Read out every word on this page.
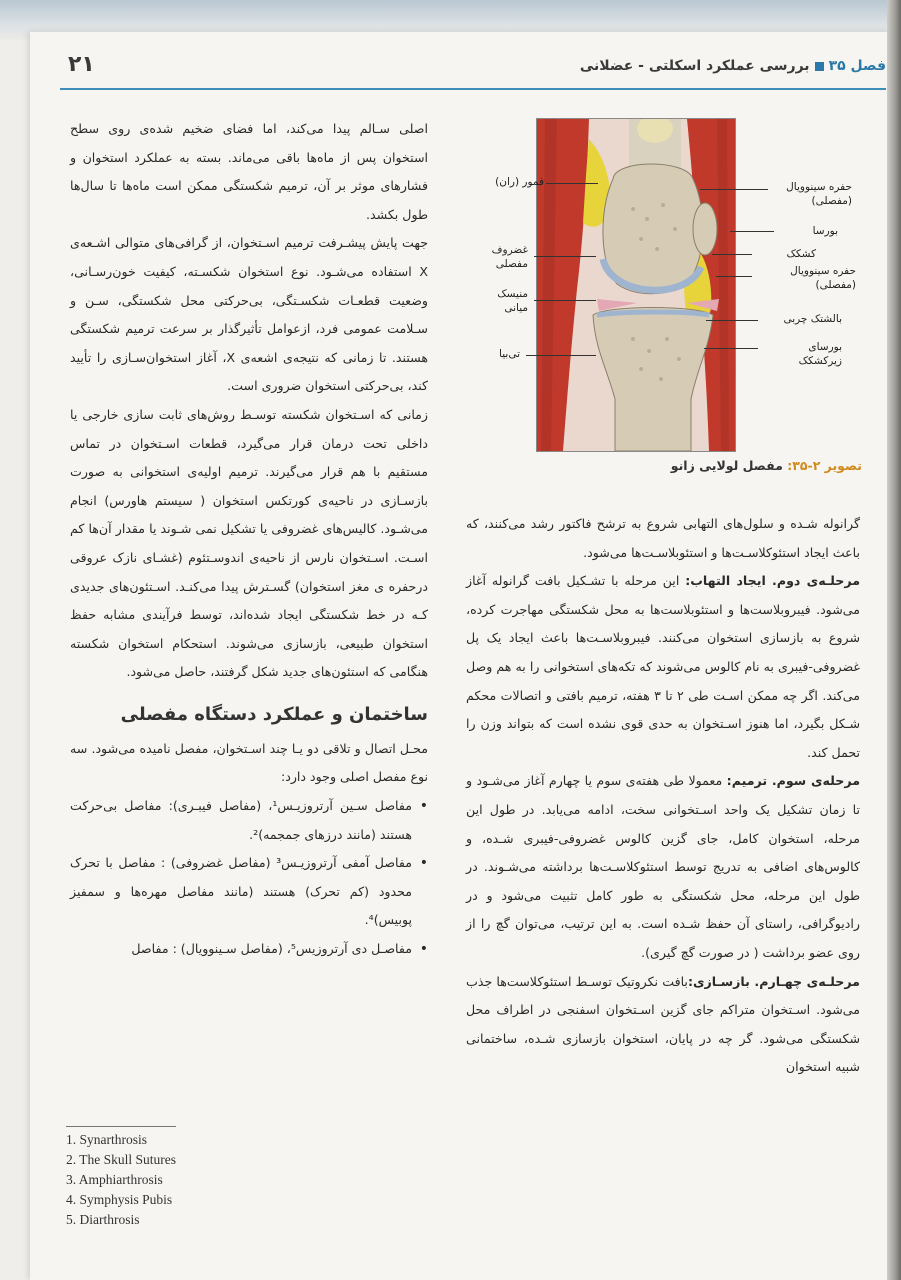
۲۱	فصل ۳۵بررسی عملکرد اسکلتی - عضلانی

اصلی سـالم پیدا می‌کند، اما فضای ضخیم شده‌ی روی سطح استخوان پس از ماه‌ها باقی می‌ماند. بسته به عملکرد استخوان و فشارهای موثر بر آن، ترمیم شکستگی ممکن است ماه‌ها تا سال‌ها طول بکشد.

جهت پایش پیشـرفت ترمیم اسـتخوان، از گرافی‌های متوالی اشـعه‌ی X استفاده می‌شـود. نوع استخوان شکسـته، کیفیت خون‌رسـانی، وضعیت قطعـات شکسـتگی، بی‌حرکتی محل شکستگی، سـن و سـلامت عمومی فرد، ازعوامل تأثیرگذار بر سرعت ترمیم شکستگی هستند. تا زمانی که نتیجه‌ی اشعه‌ی X، آغاز استخوان‌سـازی را تأیید کند، بی‌حرکتی استخوان ضروری است.

زمانی که اسـتخوان شکسته توسـط روش‌های ثابت سازی خارجی یا داخلی تحت درمان قرار می‌گیرد، قطعات اسـتخوان در تماس مستقیم با هم قرار می‌گیرند. ترمیم اولیه‌ی استخوانی به صورت بازسـازی در ناحیه‌ی کورتکس استخوان ( سیستم هاورس) انجام می‌شـود. کالیس‌های غضروفی یا تشکیل نمی شـوند یا مقدار آن‌ها کم اسـت. اسـتخوان نارس از ناحیه‌ی اندوسـتئوم (غشـای نازک عروقی درحفره ی مغز استخوان) گسـترش پیدا می‌کنـد. اسـتئون‌های جدیدی کـه در خط شکستگی ایجاد شده‌اند، توسط فرآیندی مشابه حفظ استخوان طبیعی، بازسازی می‌شوند. استحکام استخوان شکسته هنگامی که استئون‌های جدید شکل گرفتند، حاصل می‌شود.

ساختمان و عملکرد دستگاه مفصلی

محـل اتصال و تلاقی دو یـا چند اسـتخوان، مفصل نامیده می‌شود. سه نوع مفصل اصلی وجود دارد:

• مفاصل سـین آرتروزیـس¹، (مفاصل فیبـری): مفاصل بی‌حرکت هستند (مانند درزهای جمجمه)².
• مفاصل آمفی آرتروزیـس³ (مفاصل غضروفی) : مفاصل با تحرک محدود (کم تحرک) هستند (مانند مفاصل مهره‌ها و سمفیز پوبیس)⁴.
• مفاصـل دی آرتروزیس⁵، (مفاصل سـینوویال) : مفاصل
1. Synarthrosis
2. The Skull Sutures
3. Amphiarthrosis
4. Symphysis Pubis
5. Diarthrosis
حفره سینوویال
(مفصلی)
بورسا
کشکک
حفره سینوویال
(مفصلی)
بالشتک چربی
بورسای
زیرکشکک
فمور (ران)
غضروف
مفصلی
منیسک
میانی
تی‌بیا
تصویر ۲-۳۵: مفصل لولایی زانو

گرانوله شـده و سلول‌های التهابی شروع به ترشح فاکتور رشد می‌کنند، که باعث ایجاد استئوکلاسـت‌ها و استئوبلاسـت‌ها می‌شود.

مرحلـه‌ی دوم. ایجاد التهاب: این مرحله با تشـکیل بافت گرانوله آغاز می‌شود. فیبروبلاست‌ها و استئوبلاست‌ها به محل شکستگی مهاجرت کرده، شروع به بازسازی استخوان می‌کنند. فیبروبلاسـت‌ها باعث ایجاد یک پل غضروفی-فیبری به نام کالوس می‌شوند که تکه‌های استخوانی را به هم وصل می‌کند. اگر چه ممکن اسـت طی ۲ تا ۳ هفته، ترمیم بافتی و اتصالات محکم شـکل بگیرد، اما هنوز اسـتخوان به حدی قوی نشده است که بتواند وزن را تحمل کند.

مرحله‌ی سوم. ترمیم: معمولا طی هفته‌ی سوم یا چهارم آغاز می‌شـود و تا زمان تشکیل یک واحد اسـتخوانی سخت، ادامه می‌یابد. در طول این مرحله، استخوان کامل، جای گزین کالوس غضروفی-فیبری شـده، و کالوس‌های اضافی به تدریج توسط استئوکلاسـت‌ها برداشته می‌شـوند. در طول این مرحله، محل شکستگی به طور کامل تثبیت می‌شود و در رادیوگرافی، راستای آن حفظ شـده است. به این ترتیب، می‌توان گچ را از روی عضو برداشت ( در صورت گچ گیری).

مرحلـه‌ی چهـارم. بازسـازی:بافت نکروتیک توسـط استئوکلاست‌ها جذب می‌شود. اسـتخوان متراکم جای گزین اسـتخوان اسفنجی در اطراف محل شکستگی می‌شود. گر چه در پایان، استخوان بازسازی شـده، ساختمانی شبیه استخوان
